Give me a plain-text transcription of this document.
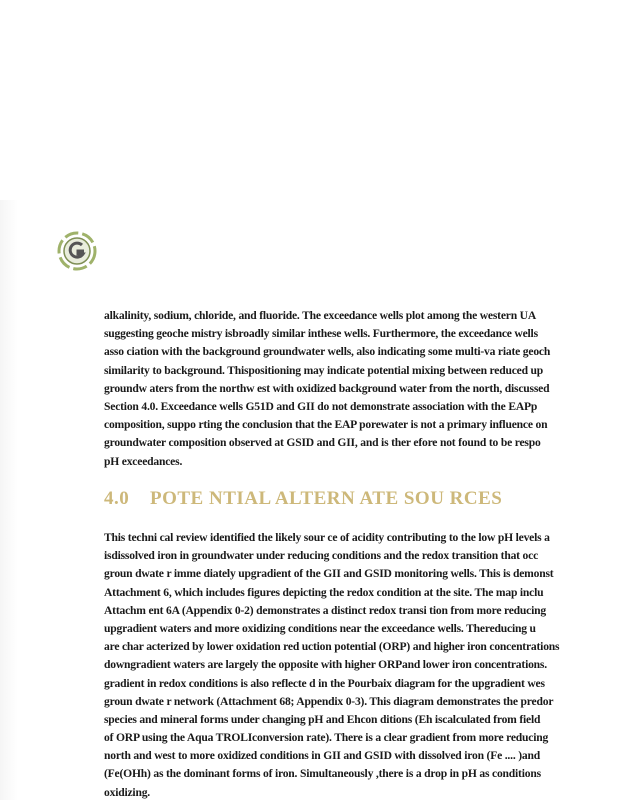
alkalinity, sodium, chloride, and fluoride. The exceedance wells plot among the western UA
suggesting geoche mistry isbroadly similar inthese wells. Furthermore, the exceedance wells
asso ciation with the background groundwater wells, also indicating some multi-va riate geoch
similarity to background. Thispositioning may indicate potential mixing between reduced up
groundw aters from the northw est with oxidized background water from the north, discussed
Section 4.0. Exceedance wells G51D and GII do not demonstrate association with the EAPp
composition, suppo rting the conclusion that the EAP porewater is not a primary influence on
groundwater composition observed at GSID and GII, and is ther efore not found to be respo
pH exceedances.
4.0 POTE NTIAL ALTERN ATE SOU RCES
This techni cal review identified the likely sour ce of acidity contributing to the low pH levels a
isdissolved iron in groundwater under reducing conditions and the redox transition that occ
groun dwate r imme diately upgradient of the GII and GSID monitoring wells. This is demonst
Attachment 6, which includes figures depicting the redox condition at the site. The map inclu
Attachm ent 6A (Appendix 0-2) demonstrates a distinct redox transi tion from more reducing
upgradient waters and more oxidizing conditions near the exceedance wells. Thereducing u
are char acterized by lower oxidation red uction potential (ORP) and higher iron concentrations
downgradient waters are largely the opposite with higher ORPand lower iron concentrations.
gradient in redox conditions is also reflecte d in the Pourbaix diagram for the upgradient wes
groun dwate r network (Attachment 68; Appendix 0-3). This diagram demonstrates the predor
species and mineral forms under changing pH and Ehcon ditions (Eh iscalculated from field
of ORP using the Aqua TROLIconversion rate). There is a clear gradient from more reducing
north and west to more oxidized conditions in GII and GSID with dissolved iron (Fe .... )and
(Fe(OHh) as the dominant forms of iron. Simultaneously ,there is a drop in pH as conditions
oxidizing.
